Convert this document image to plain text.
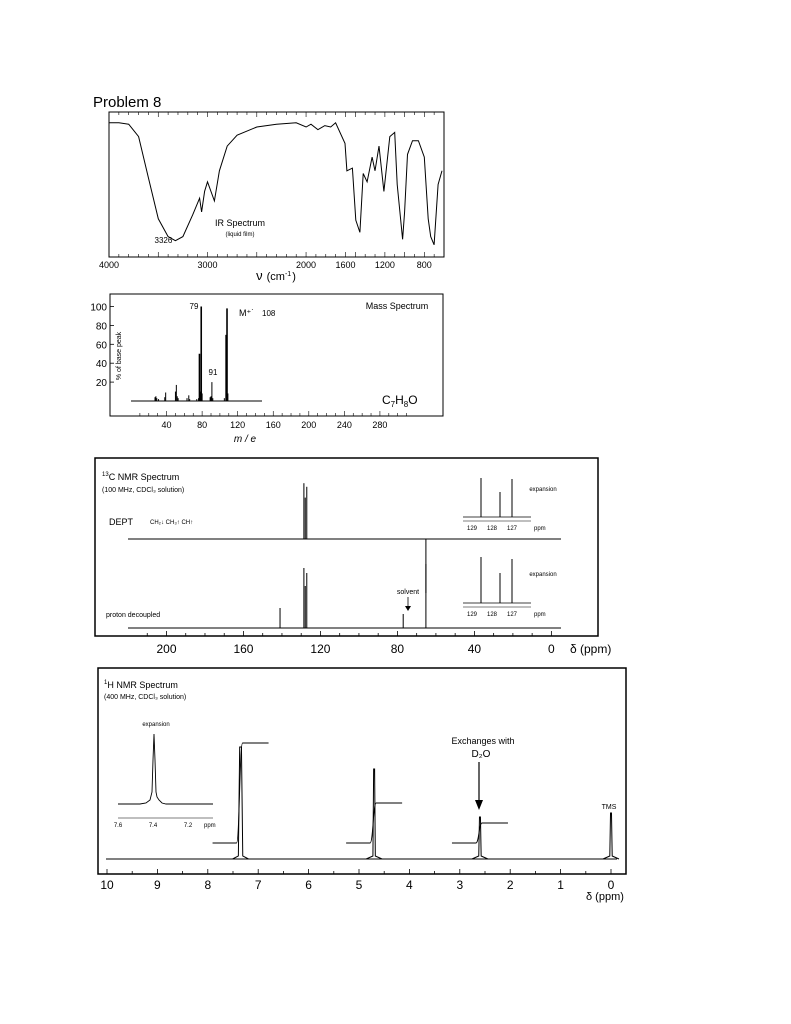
Problem 8
IR Spectrum
(liquid film)
3326
4000	3000	2000 1600 1200 800
ν $(cm^{-1})$
20
40
60
80
100
40	80	120 160 200 240 280
% of base peak
Mass Spectrum
79
91
M⁺˙ 108
$C_7H_8O$
m / e
$^{13}$C NMR Spectrum
(100 MHz, CDCl₃ solution)
DEPT	CH₂↓ CH₃↑ CH↑
proton decoupled
solvent
expansion
129 128 127	ppm
expansion
129 128 127	ppm
200	160	120	80	40	0 δ (ppm)
$^1$H NMR Spectrum
(400 MHz, CDCl₃ solution)
Exchanges with
D₂O
TMS
expansion
7.6	7.4	7.2 ppm
10	9	8	7	6	5	4	3	2	1	0
δ (ppm)
